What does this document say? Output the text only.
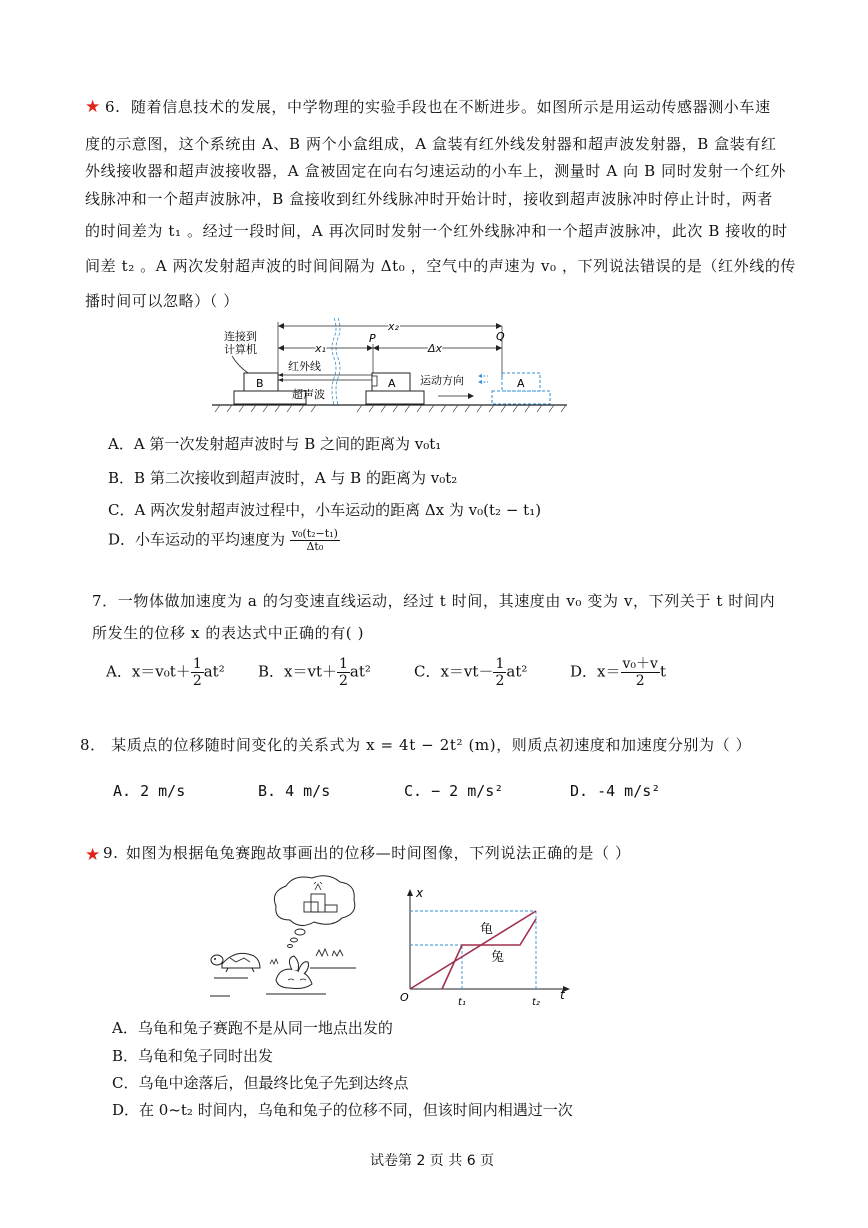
★ 6. 随着信息技术的发展，中学物理的实验手段也在不断进步。如图所示是用运动传感器测小车速
度的示意图，这个系统由 A、B 两个小盒组成，A 盒装有红外线发射器和超声波发射器，B 盒装有红
外线接收器和超声波接收器，A 盒被固定在向右匀速运动的小车上，测量时 A 向 B 同时发射一个红外
线脉冲和一个超声波脉冲，B 盒接收到红外线脉冲时开始计时，接收到超声波脉冲时停止计时，两者
的时间差为 t₁ 。经过一段时间，A 再次同时发射一个红外线脉冲和一个超声波脉冲，此次 B 接收的时
间差 t₂ 。A 两次发射超声波的时间间隔为 Δt₀ ，空气中的声速为 v₀ ，下列说法错误的是（红外线的传
播时间可以忽略）（ ）
B
连接到
计算机
x₂
x₁	Δx
P	Q
红外线
超声波
A 运动方向	A
A．A 第一次发射超声波时与 B 之间的距离为 v₀t₁
B．B 第二次接收到超声波时，A 与 B 的距离为 v₀t₂
C．A 两次发射超声波过程中，小车运动的距离 Δx 为 v₀(t₂ − t₁)
D．小车运动的平均速度为 $\frac{\text{v₀(t₂−t₁)}}{\text{Δt₀}}$
7．一物体做加速度为 a 的匀变速直线运动，经过 t 时间，其速度由 v₀ 变为 v，下列关于 t 时间内
所发生的位移 x 的表达式中正确的有( )
A．$x=v_0t+ \frac{1}{2} at^2$ B．$x=vt+ \frac{1}{2} at^2$	C．$x=vt- \frac{1}{2} at^2$	D．$x= \frac{\text{v₀＋v}}{2}$ t
8． 某质点的位移随时间变化的关系式为 x = 4t − 2t² (m)，则质点初速度和加速度分别为（ ）
A. 2 m/s	B. 4 m/s	C. − 2 m/s²	D. -4 m/s²
★ 9. 如图为根据龟兔赛跑故事画出的位移—时间图像，下列说法正确的是（ ）
x
t
O	t₁	t₂
龟
兔
A．乌龟和兔子赛跑不是从同一地点出发的
B．乌龟和兔子同时出发
C．乌龟中途落后，但最终比兔子先到达终点
D．在 0~t₂ 时间内，乌龟和兔子的位移不同，但该时间内相遇过一次
试卷第 2 页 共 6 页
